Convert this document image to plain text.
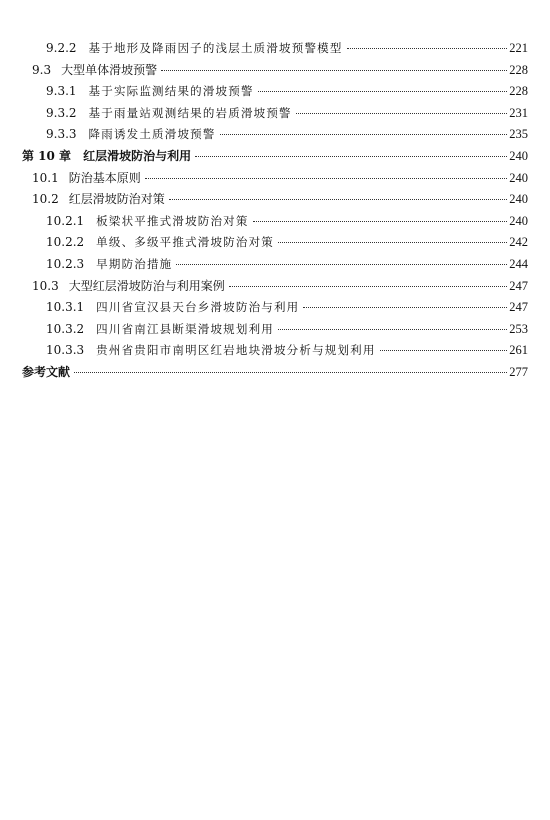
9.2.2 基于地形及降雨因子的浅层土质滑坡预警模型	221
9.3 大型单体滑坡预警	228
9.3.1 基于实际监测结果的滑坡预警	228
9.3.2 基于雨量站观测结果的岩质滑坡预警	231
9.3.3 降雨诱发土质滑坡预警	235
第 10 章 红层滑坡防治与利用	240
10.1 防治基本原则	240
10.2 红层滑坡防治对策	240
10.2.1 板梁状平推式滑坡防治对策	240
10.2.2 单级、多级平推式滑坡防治对策	242
10.2.3 早期防治措施	244
10.3 大型红层滑坡防治与利用案例	247
10.3.1 四川省宣汉县天台乡滑坡防治与利用	247
10.3.2 四川省南江县断渠滑坡规划利用	253
10.3.3 贵州省贵阳市南明区红岩地块滑坡分析与规划利用	261
参考文献	277
